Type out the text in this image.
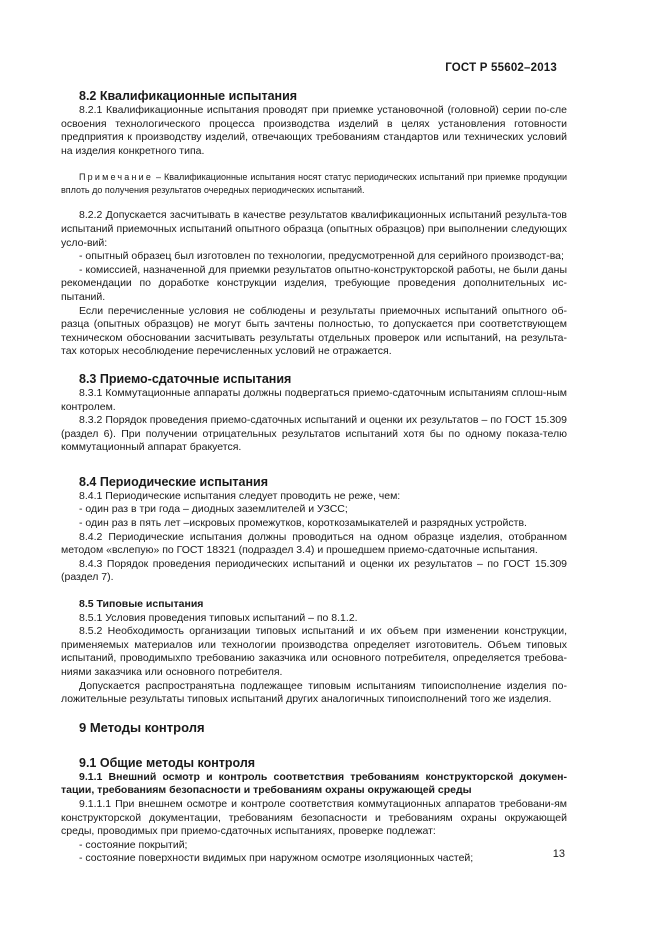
ГОСТ Р 55602–2013
8.2 Квалификационные испытания

8.2.1 Квалификационные испытания проводят при приемке установочной (головной) серии по-сле освоения технологического процесса производства изделий в целях установления готовности предприятия к производству изделий, отвечающих требованиям стандартов или технических условий на изделия конкретного типа.

Примечание – Квалификационные испытания носят статус периодических испытаний при приемке продукции вплоть до получения результатов очередных периодических испытаний.

8.2.2 Допускается засчитывать в качестве результатов квалификационных испытаний результа-тов испытаний приемочных испытаний опытного образца (опытных образцов) при выполнении следующих усло-вий:

- опытный образец был изготовлен по технологии, предусмотренной для серийного производст-ва;

- комиссией, назначенной для приемки результатов опытно-конструкторской работы, не были даны рекомендации по доработке конструкции изделия, требующие проведения дополнительных ис-пытаний.

Если перечисленные условия не соблюдены и результаты приемочных испытаний опытного об-разца (опытных образцов) не могут быть зачтены полностью, то допускается при соответствующем техническом обосновании засчитывать результаты отдельных проверок или испытаний, на результа-тах которых несоблюдение перечисленных условий не отражается.

8.3 Приемо-сдаточные испытания

8.3.1 Коммутационные аппараты должны подвергаться приемо-сдаточным испытаниям сплош-ным контролем.

8.3.2 Порядок проведения приемо-сдаточных испытаний и оценки их результатов – по ГОСТ 15.309 (раздел 6). При получении отрицательных результатов испытаний хотя бы по одному показа-телю коммутационный аппарат бракуется.

8.4 Периодические испытания

8.4.1 Периодические испытания следует проводить не реже, чем:

- один раз в три года – диодных заземлителей и УЗСС;

- один раз в пять лет –искровых промежутков, короткозамыкателей и разрядных устройств.

8.4.2 Периодические испытания должны проводиться на одном образце изделия, отобранном методом «вслепую» по ГОСТ 18321 (подраздел 3.4) и прошедшем приемо-сдаточные испытания.

8.4.3 Порядок проведения периодических испытаний и оценки их результатов – по ГОСТ 15.309 (раздел 7).

8.5 Типовые испытания

8.5.1 Условия проведения типовых испытаний – по 8.1.2.

8.5.2 Необходимость организации типовых испытаний и их объем при изменении конструкции, применяемых материалов или технологии производства определяет изготовитель. Объем типовых испытаний, проводимыхпо требованию заказчика или основного потребителя, определяется требова-ниями заказчика или основного потребителя.

Допускается распространятьна подлежащее типовым испытаниям типоисполнение изделия по-ложительные результаты типовых испытаний других аналогичных типоисполнений того же изделия.

9 Методы контроля
9.1 Общие методы контроля

9.1.1 Внешний осмотр и контроль соответствия требованиям конструкторской докумен-тации, требованиям безопасности и требованиям охраны окружающей среды

9.1.1.1 При внешнем осмотре и контроле соответствия коммутационных аппаратов требовани-ям конструкторской документации, требованиям безопасности и требованиям охраны окружающей среды, проводимых при приемо-сдаточных испытаниях, проверке подлежат:

- состояние покрытий;

- состояние поверхности видимых при наружном осмотре изоляционных частей;	13
